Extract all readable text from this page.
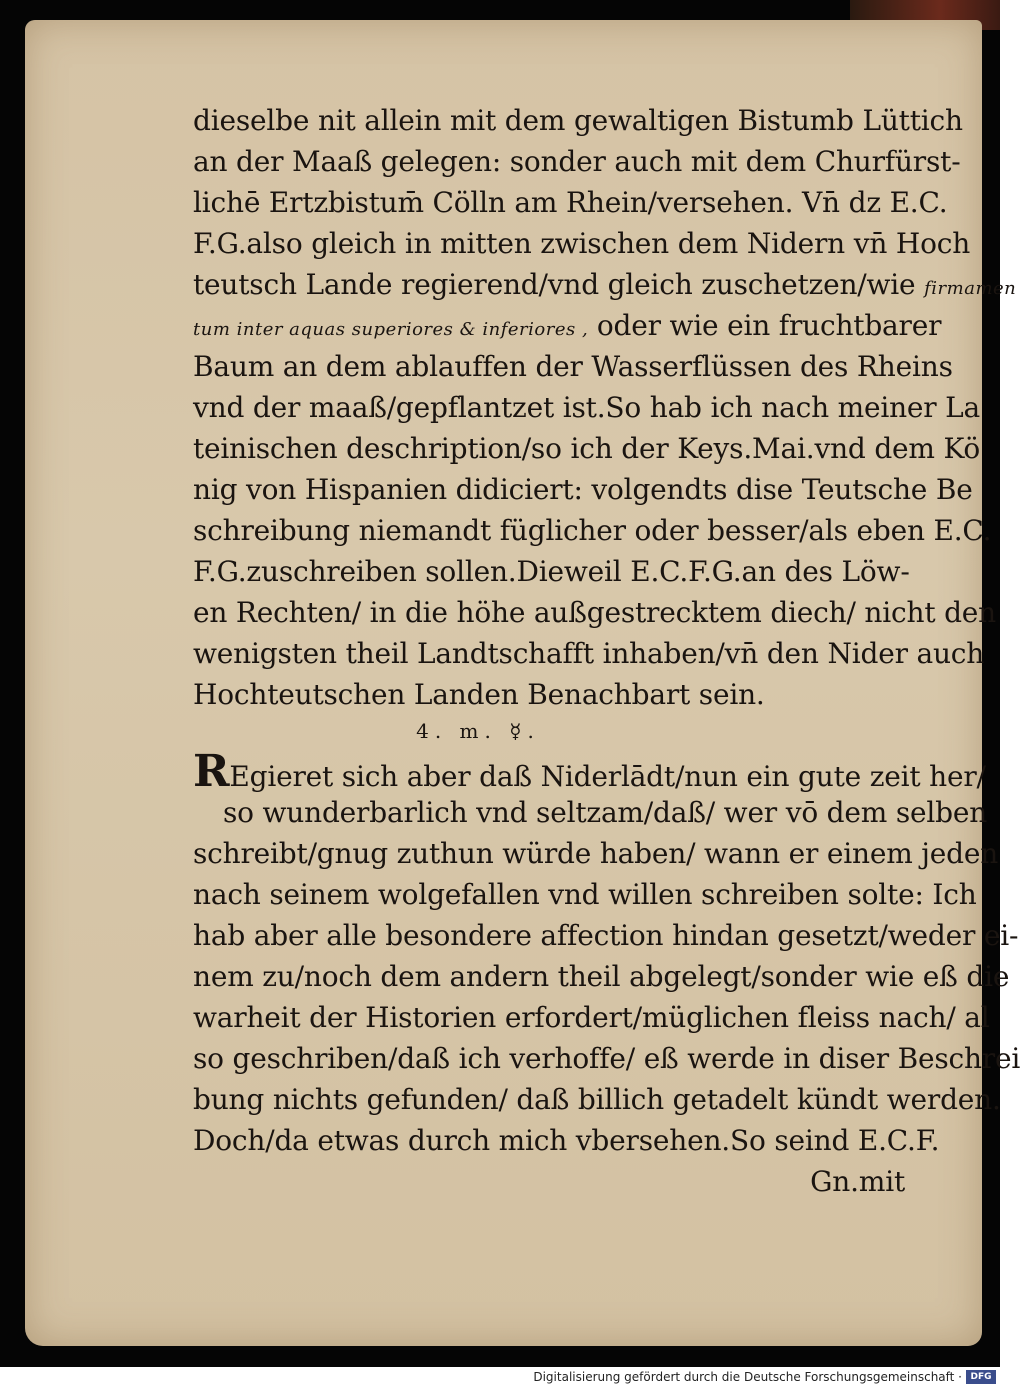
dieselbe nit allein mit dem gewaltigen Bistumb Lüttich
an der Maaß gelegen: sonder auch mit dem Churfürst‑
lichē Ertzbistum̄ Cölln am Rhein/versehen. Vn̄ dz E.C.
F.G.also gleich in mitten zwischen dem Nidern vn̄ Hoch
teutsch Lande regierend/vnd gleich zuschetzen/wie firmamen
tum inter aquas superiores & inferiores , oder wie ein fruchtbarer
Baum an dem ablauffen der Wasserflüssen des Rheins
vnd der maaß/gepflantzet ist.So hab ich nach meiner La
teinischen deschription/so ich der Keys.Mai.vnd dem Kö
nig von Hispanien didiciert: volgendts dise Teutsche Be
schreibung niemandt füglicher oder besser/als eben E.C.
F.G.zuschreiben sollen.Dieweil E.C.F.G.an des Löw‑
en Rechten/ in die höhe außgestrecktem diech/ nicht den
wenigsten theil Landtschafft inhaben/vn̄ den Nider auch
Hochteutschen Landen Benachbart sein.
4. m. ☿.
REgieret sich aber daß Niderlādt/nun ein gute zeit her/
so wunderbarlich vnd seltzam/daß/ wer vō dem selben
schreibt/gnug zuthun würde haben/ wann er einem jeden
nach seinem wolgefallen vnd willen schreiben solte: Ich
hab aber alle besondere affection hindan gesetzt/weder ei‑
nem zu/noch dem andern theil abgelegt/sonder wie eß die
warheit der Historien erfordert/müglichen fleiss nach/ al
so geschriben/daß ich verhoffe/ eß werde in diser Beschrei
bung nichts gefunden/ daß billich getadelt kündt werden.
Doch/da etwas durch mich vbersehen.So seind E.C.F.
Gn.mit
Digitalisierung gefördert durch die Deutsche Forschungsgemeinschaft · DFG
